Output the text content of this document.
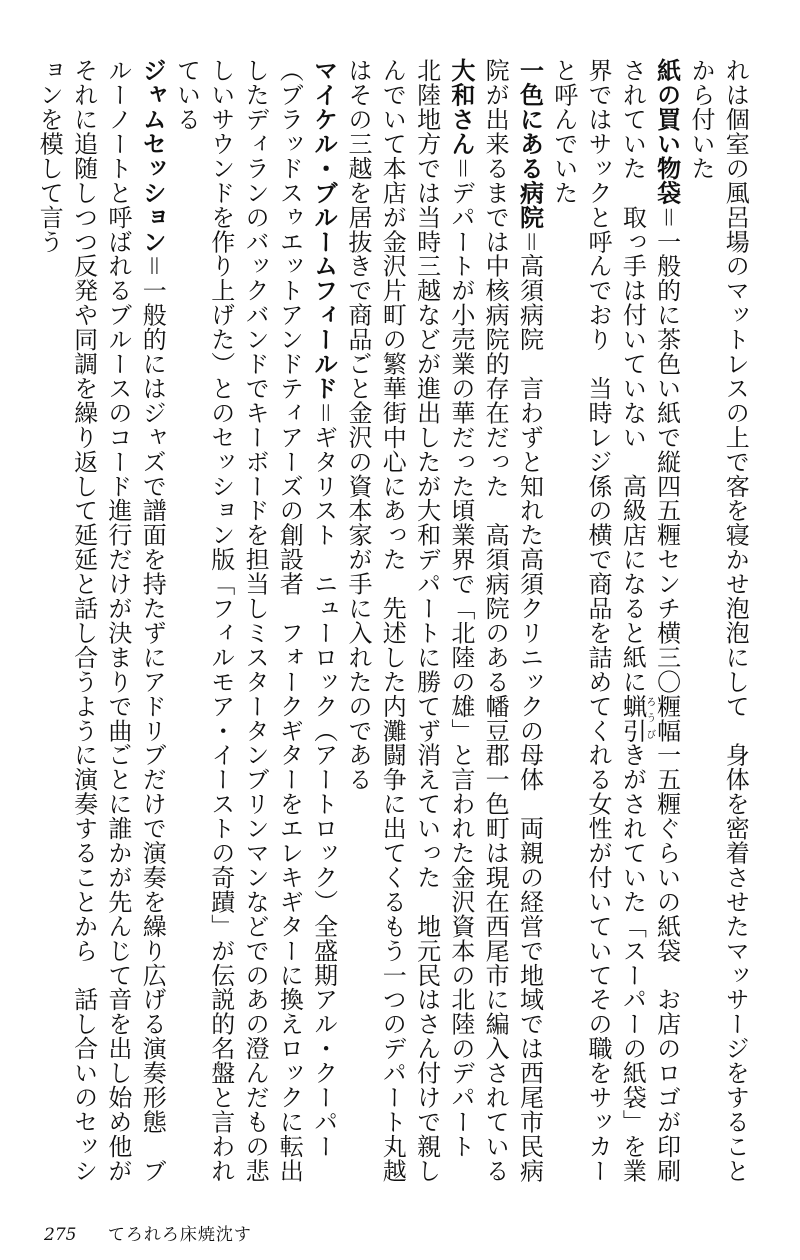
れは個室の風呂場のマットレスの上で客を寝かせ泡泡にして　身体を密着させたマッサージをすることから付いた

紙の買い物袋＝一般的に茶色い紙で縦四五糎センチ横三〇糎幅一五糎ぐらいの紙袋　お店のロゴが印刷されていた　取っ手は付いていない　高級店になると紙に蝋引ろうびきがされていた「スーパーの紙袋」を業界ではサックと呼んでおり　当時レジ係の横で商品を詰めてくれる女性が付いていてその職をサッカーと呼んでいた

一色にある病院＝高須病院　言わずと知れた高須クリニックの母体　両親の経営で地域では西尾市民病院が出来るまでは中核病院的存在だった　高須病院のある幡豆郡一色町は現在西尾市に編入されている

大和さん＝デパートが小売業の華だった頃業界で「北陸の雄」と言われた金沢資本の北陸のデパート　北陸地方では当時三越などが進出したが大和デパートに勝てず消えていった　地元民はさん付けで親しんでいて本店が金沢片町の繁華街中心にあった　先述した内灘闘争に出てくるもう一つのデパート丸越はその三越を居抜きで商品ごと金沢の資本家が手に入れたのである

マイケル・ブルームフィールド＝ギタリスト　ニューロック（アートロック）全盛期アル・クーパー（ブラッドスゥエットアンドティアーズの創設者　フォークギターをエレキギターに換えロックに転出したディランのバックバンドでキーボードを担当しミスタータンブリンマンなどでのあの澄んだもの悲しいサウンドを作り上げた）とのセッション版「フィルモア・イーストの奇蹟」が伝説的名盤と言われている

ジャムセッション＝一般的にはジャズで譜面を持たずにアドリブだけで演奏を繰り広げる演奏形態　ブルーノートと呼ばれるブルースのコード進行だけが決まりで曲ごとに誰かが先んじて音を出し始め他がそれに追随しつつ反発や同調を繰り返して延延と話し合うように演奏することから　話し合いのセッションを模して言う

275 てろれろ床焼沈す
